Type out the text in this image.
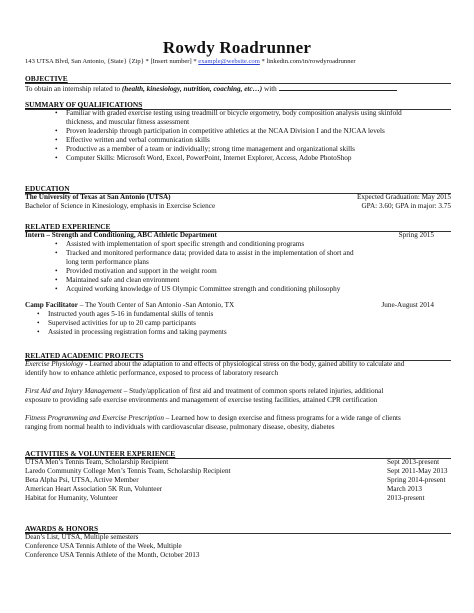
Rowdy Roadrunner
143 UTSA Blvd, San Antonio, {State} {Zip} * [Insert number] * example@website.com * linkedin.com/in/rowdyroadrunner
OBJECTIVE
To obtain an internship related to (health, kinesiology, nutrition, coaching, etc…) with
SUMMARY OF QUALIFICATIONS
• Familiar with graded exercise testing using treadmill or bicycle ergometry, body composition analysis using skinfold
thickness, and muscular fitness assessment
• Proven leadership through participation in competitive athletics at the NCAA Division I and the NJCAA levels
• Effective written and verbal communication skills
• Productive as a member of a team or individually; strong time management and organizational skills
• Computer Skills: Microsoft Word, Excel, PowerPoint, Internet Explorer, Access, Adobe PhotoShop
EDUCATION
The University of Texas at San Antonio (UTSA)	Expected Graduation: May 2015
Bachelor of Science in Kinesiology, emphasis in Exercise Science	GPA: 3.60; GPA in major: 3.75
RELATED EXPERIENCE
Intern – Strength and Conditioning, ABC Athletic Department	Spring 2015
• Assisted with implementation of sport specific strength and conditioning programs
• Tracked and monitored performance data; provided data to assist in the implementation of short and
long term performance plans
• Provided motivation and support in the weight room
• Maintained safe and clean environment
• Acquired working knowledge of US Olympic Committee strength and conditioning philosophy
Camp Facilitator – The Youth Center of San Antonio -San Antonio, TX	June-August 2014
• Instructed youth ages 5-16 in fundamental skills of tennis
• Supervised activities for up to 20 camp participants
• Assisted in processing registration forms and taking payments
RELATED ACADEMIC PROJECTS
Exercise Physiology - Learned about the adaptation to and effects of physiological stress on the body, gained ability to calculate and
identify how to enhance athletic performance, exposed to process of laboratory research
First Aid and Injury Management – Study/application of first aid and treatment of common sports related injuries, additional
exposure to providing safe exercise environments and management of exercise testing facilities, attained CPR certification
Fitness Programming and Exercise Prescription – Learned how to design exercise and fitness programs for a wide range of clients
ranging from normal health to individuals with cardiovascular disease, pulmonary disease, obesity, diabetes
ACTIVITIES & VOLUNTEER EXPERIENCE
UTSA Men’s Tennis Team, Scholarship Recipient	Sept 2013-present
Laredo Community College Men’s Tennis Team, Scholarship Recipient	Sept 2011-May 2013
Beta Alpha Psi, UTSA, Active Member	Spring 2014-present
American Heart Association 5K Run, Volunteer	March 2013
Habitat for Humanity, Volunteer	2013-present
AWARDS & HONORS
Dean’s List, UTSA, Multiple semesters
Conference USA Tennis Athlete of the Week, Multiple
Conference USA Tennis Athlete of the Month, October 2013
